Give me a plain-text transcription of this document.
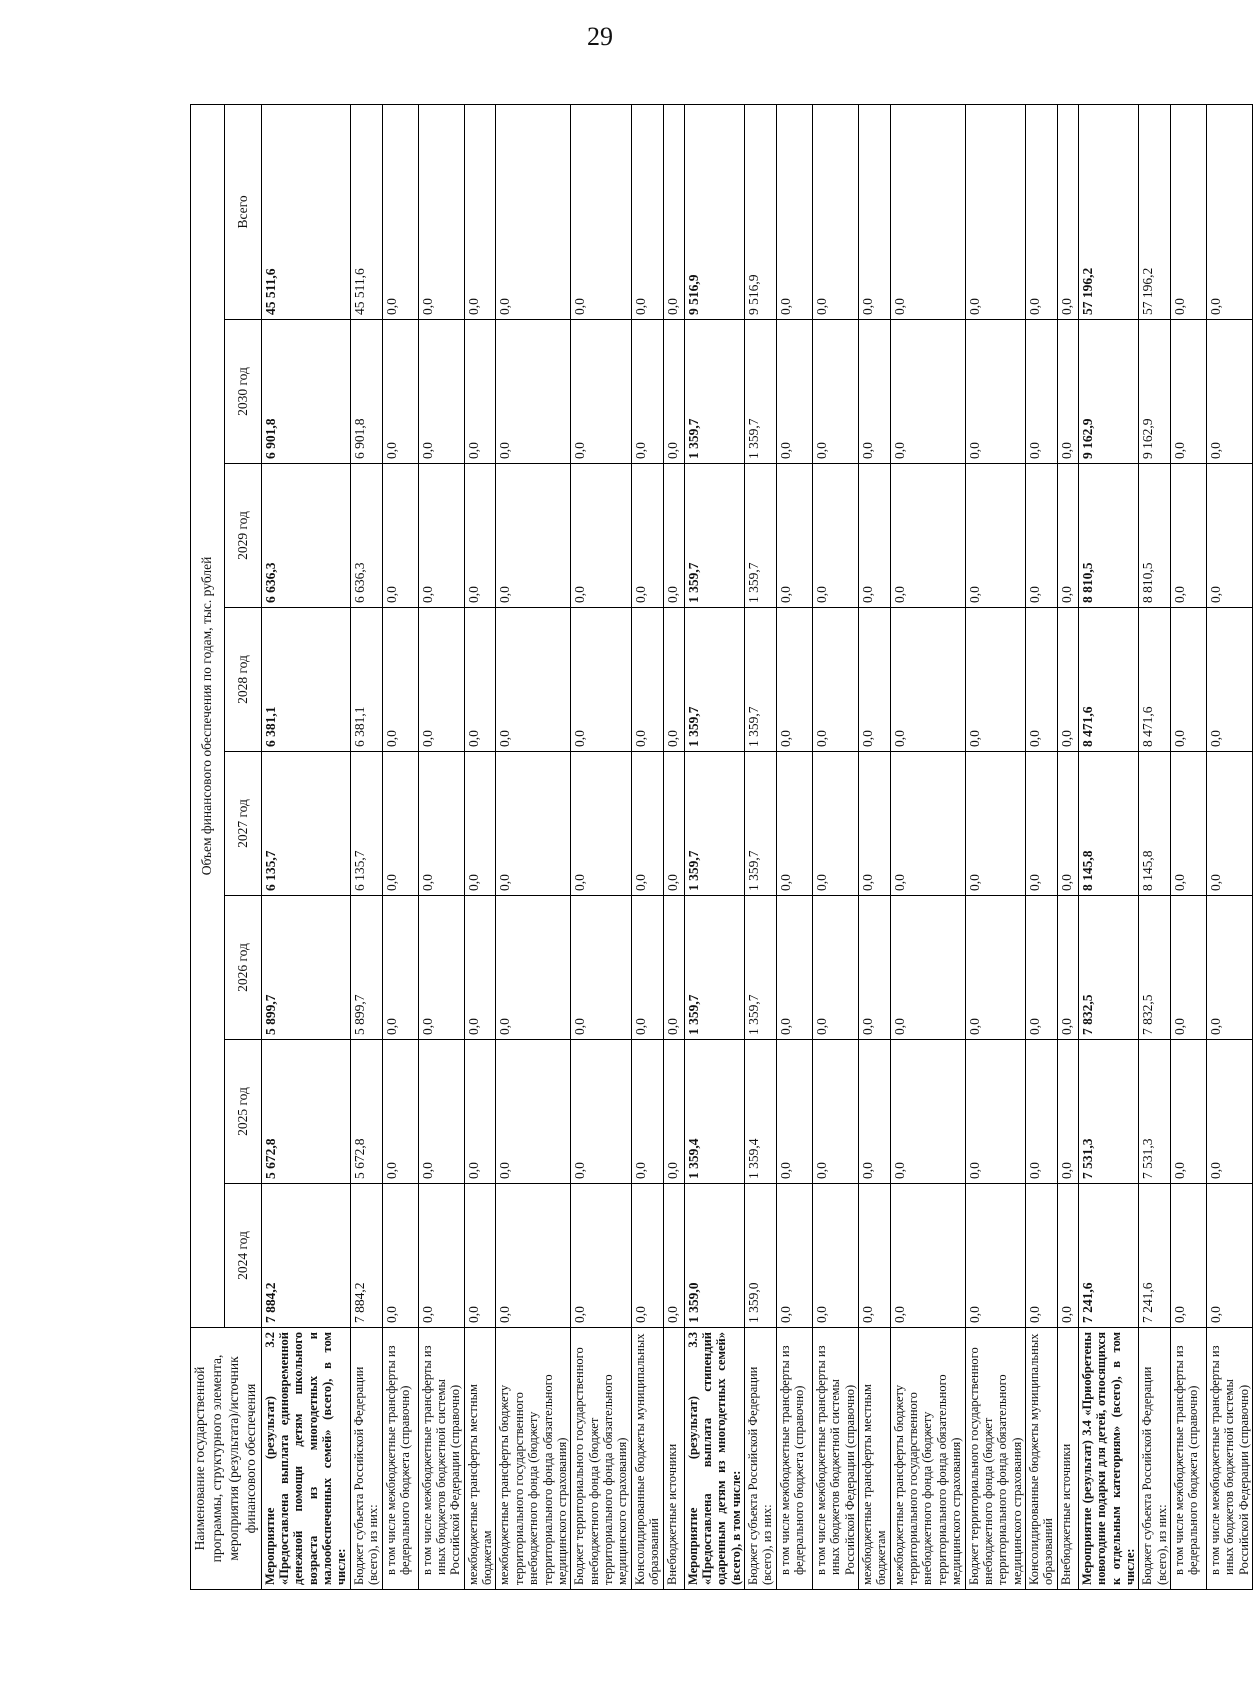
29
Наименование государственной программы, структурного элемента, мероприятия (результата)/источник финансового обеспечения	Объем финансового обеспечения по годам, тыс. рублей							
	2024 год	2025 год	2026 год	2027 год	2028 год	2029 год	2030 год	Всего
Мероприятие (результат) 3.2 «Предоставлена выплата единовременной денежной помощи детям школьного возраста из многодетных и малообеспеченных семей» (всего), в том числе:	7 884,2	5 672,8	5 899,7	6 135,7	6 381,1	6 636,3	6 901,8	45 511,6
Бюджет субъекта Российской Федерации (всего), из них:	7 884,2	5 672,8	5 899,7	6 135,7	6 381,1	6 636,3	6 901,8	45 511,6
в том числе межбюджетные трансферты из федерального бюджета (справочно)	0,0	0,0	0,0	0,0	0,0	0,0	0,0	0,0
в том числе межбюджетные трансферты из иных бюджетов бюджетной системы Российской Федерации (справочно)	0,0	0,0	0,0	0,0	0,0	0,0	0,0	0,0
межбюджетные трансферты местным бюджетам	0,0	0,0	0,0	0,0	0,0	0,0	0,0	0,0
межбюджетные трансферты бюджету территориального государственного внебюджетного фонда (бюджету территориального фонда обязательного медицинского страхования)	0,0	0,0	0,0	0,0	0,0	0,0	0,0	0,0
Бюджет территориального государственного внебюджетного фонда (бюджет территориального фонда обязательного медицинского страхования)	0,0	0,0	0,0	0,0	0,0	0,0	0,0	0,0
Консолидированные бюджеты муниципальных образований	0,0	0,0	0,0	0,0	0,0	0,0	0,0	0,0
Внебюджетные источники	0,0	0,0	0,0	0,0	0,0	0,0	0,0	0,0
Мероприятие (результат) 3.3 «Предоставлена выплата стипендий одаренным детям из многодетных семей» (всего), в том числе:	1 359,0	1 359,4	1 359,7	1 359,7	1 359,7	1 359,7	1 359,7	9 516,9
Бюджет субъекта Российской Федерации (всего), из них:	1 359,0	1 359,4	1 359,7	1 359,7	1 359,7	1 359,7	1 359,7	9 516,9
в том числе межбюджетные трансферты из федерального бюджета (справочно)	0,0	0,0	0,0	0,0	0,0	0,0	0,0	0,0
в том числе межбюджетные трансферты из иных бюджетов бюджетной системы Российской Федерации (справочно)	0,0	0,0	0,0	0,0	0,0	0,0	0,0	0,0
межбюджетные трансферты местным бюджетам	0,0	0,0	0,0	0,0	0,0	0,0	0,0	0,0
межбюджетные трансферты бюджету территориального государственного внебюджетного фонда (бюджету территориального фонда обязательного медицинского страхования)	0,0	0,0	0,0	0,0	0,0	0,0	0,0	0,0
Бюджет территориального государственного внебюджетного фонда (бюджет территориального фонда обязательного медицинского страхования)	0,0	0,0	0,0	0,0	0,0	0,0	0,0	0,0
Консолидированные бюджеты муниципальных образований	0,0	0,0	0,0	0,0	0,0	0,0	0,0	0,0
Внебюджетные источники	0,0	0,0	0,0	0,0	0,0	0,0	0,0	0,0
Мероприятие (результат) 3.4 «Приобретены новогодние подарки для детей, относящихся к отдельным категориям» (всего), в том числе:	7 241,6	7 531,3	7 832,5	8 145,8	8 471,6	8 810,5	9 162,9	57 196,2
Бюджет субъекта Российской Федерации (всего), из них:	7 241,6	7 531,3	7 832,5	8 145,8	8 471,6	8 810,5	9 162,9	57 196,2
в том числе межбюджетные трансферты из федерального бюджета (справочно)	0,0	0,0	0,0	0,0	0,0	0,0	0,0	0,0
в том числе межбюджетные трансферты из иных бюджетов бюджетной системы Российской Федерации (справочно)	0,0	0,0	0,0	0,0	0,0	0,0	0,0	0,0
